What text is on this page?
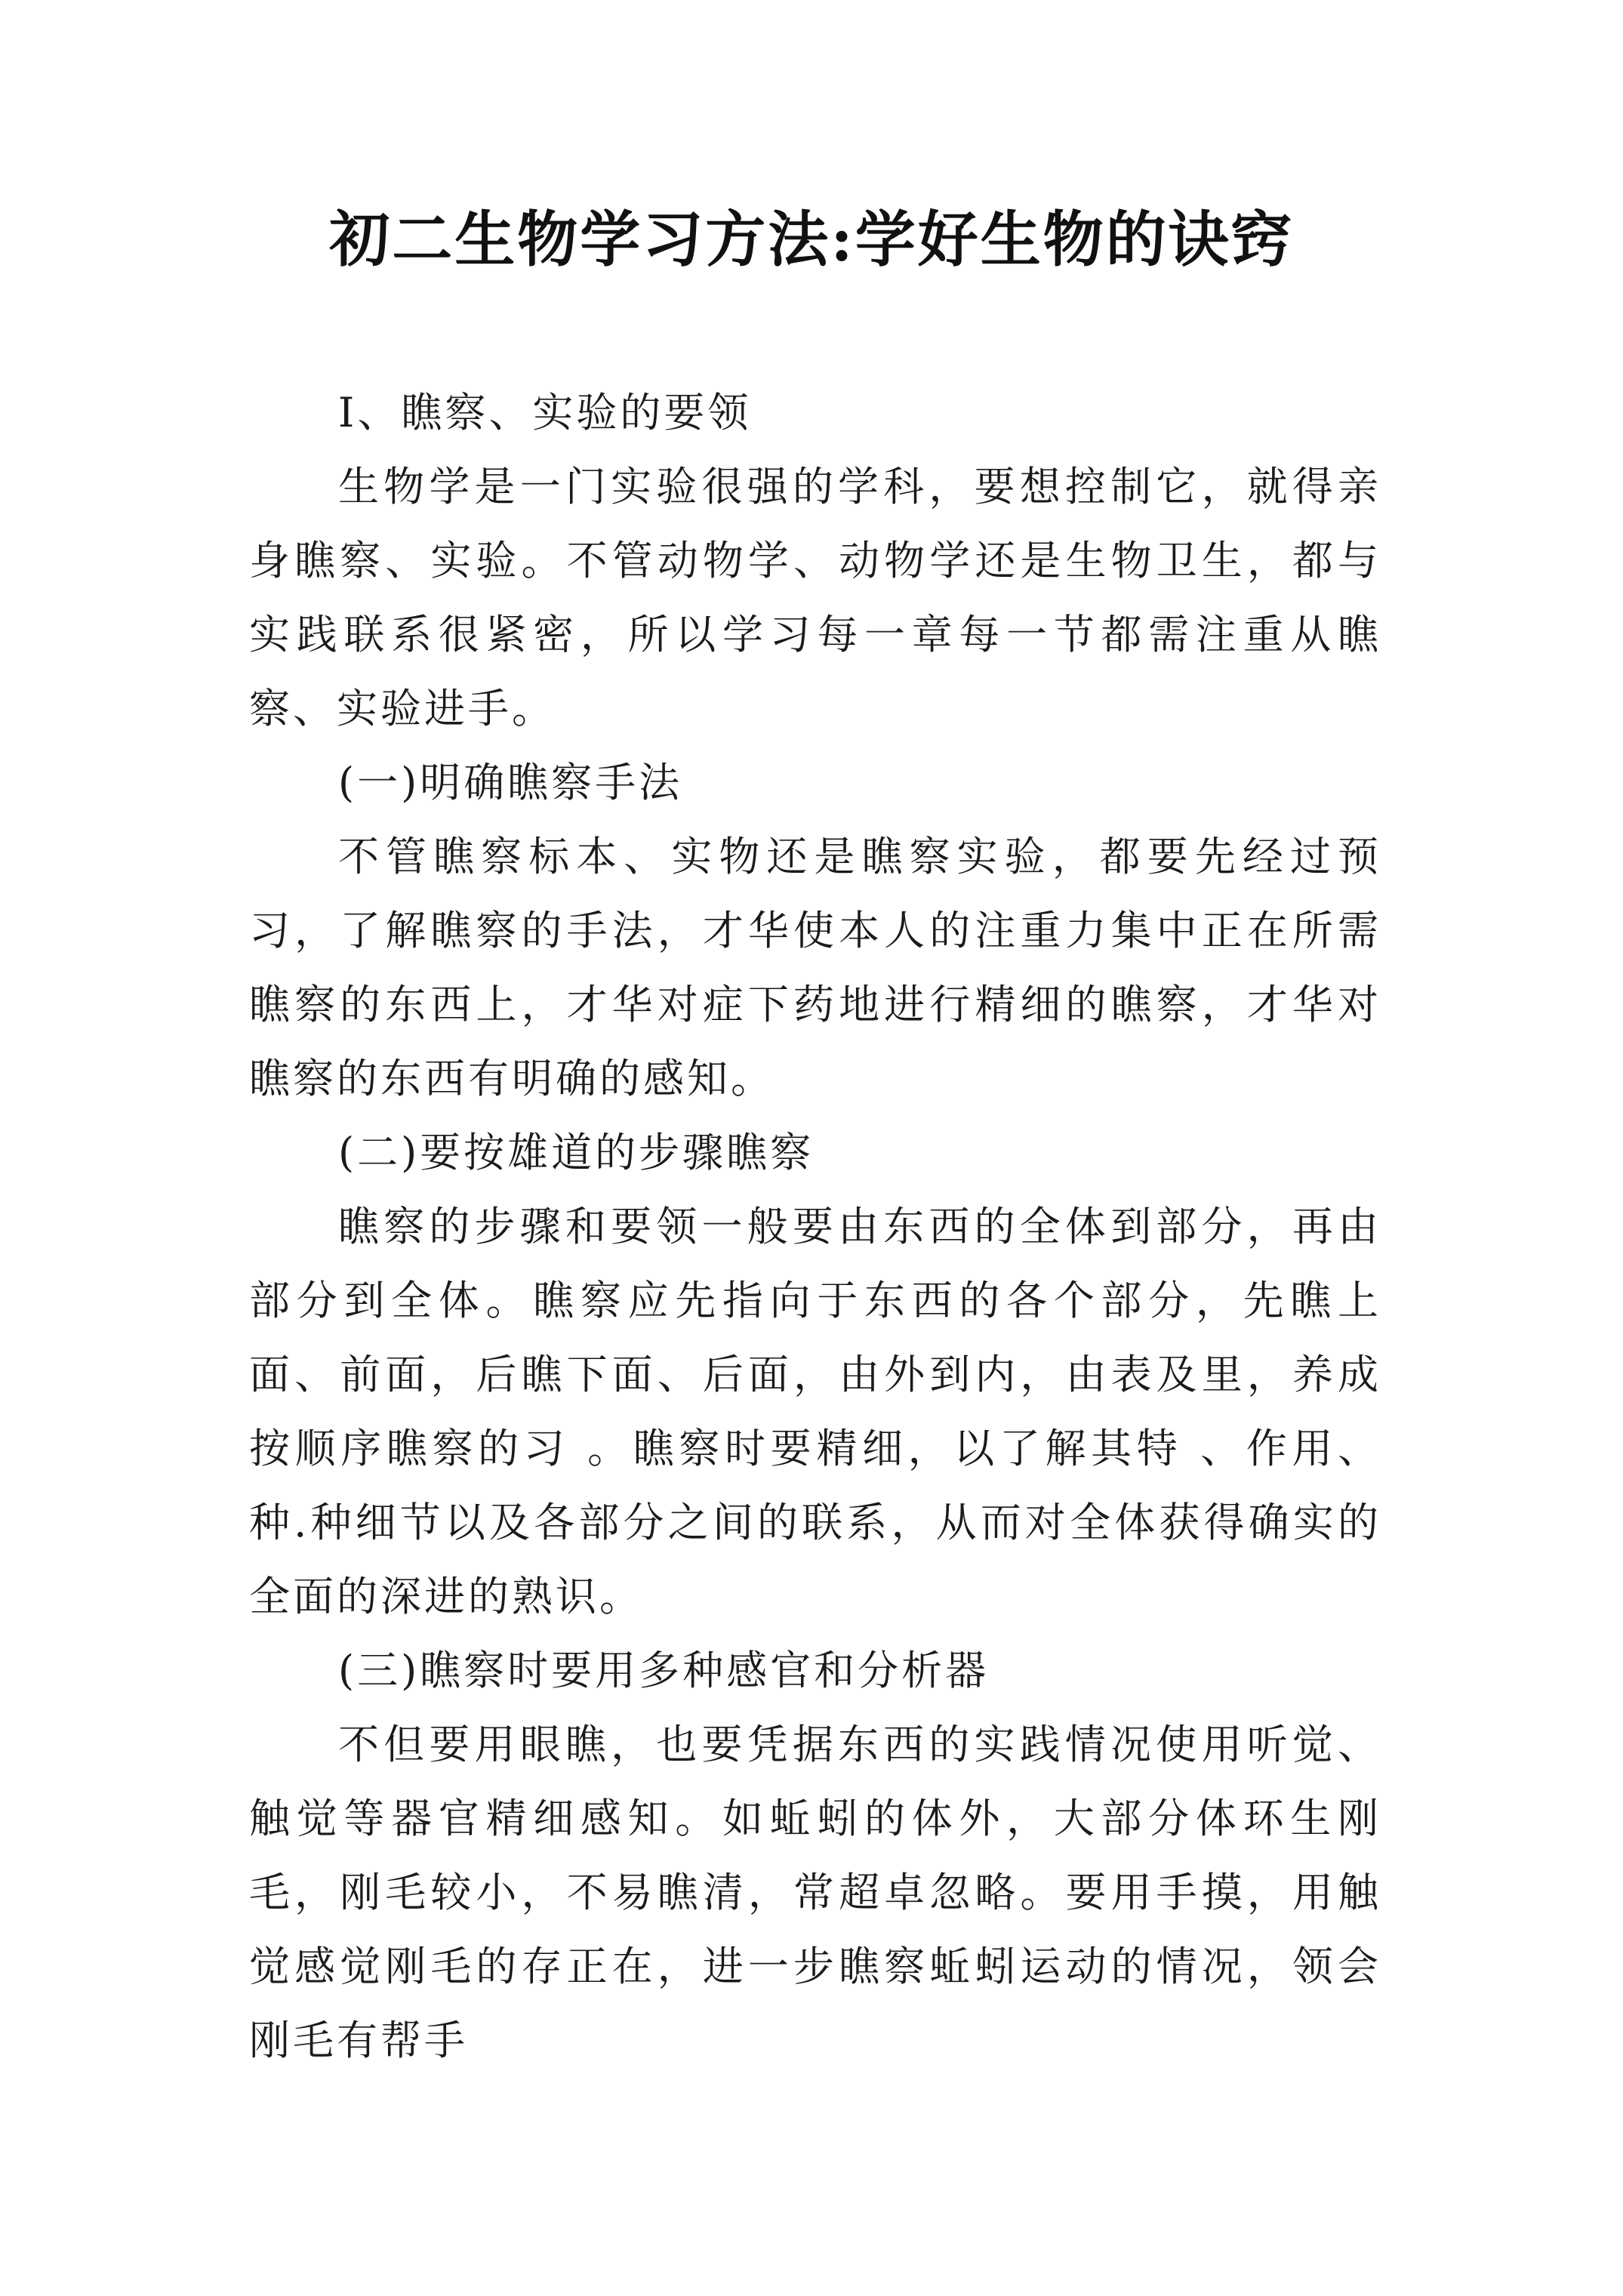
初二生物学习方法:学好生物的诀窍

I、瞧察、实验的要领

生物学是一门实验很强的学科，要想控制它，就得亲身瞧察、实验。不管动物学、动物学还是生物卫生，都与实践联系很紧密，所以学习每一章每一节都需注重从瞧察、实验进手。

(一)明确瞧察手法

不管瞧察标本、实物还是瞧察实验，都要先经过预习，了解瞧察的手法，才华使本人的注重力集中正在所需瞧察的东西上，才华对症下药地进行精细的瞧察，才华对瞧察的东西有明确的感知。

(二)要按雄道的步骤瞧察

瞧察的步骤和要领一般要由东西的全体到部分，再由部分到全体。瞧察应先指向于东西的各个部分，先瞧上面、前面，后瞧下面、后面，由外到内，由表及里，养成按顺序瞧察的习 。瞧察时要精细，以了解其特 、作用、种.种细节以及各部分之间的联系，从而对全体获得确实的全面的深进的熟识。

(三)瞧察时要用多种感官和分析器

不但要用眼瞧，也要凭据东西的实践情况使用听觉、触觉等器官精细感知。如蚯蚓的体外，大部分体环生刚毛，刚毛较小，不易瞧清，常超卓忽略。要用手摸，用触觉感觉刚毛的存正在，进一步瞧察蚯蚓运动的情况，领会刚毛有帮手
